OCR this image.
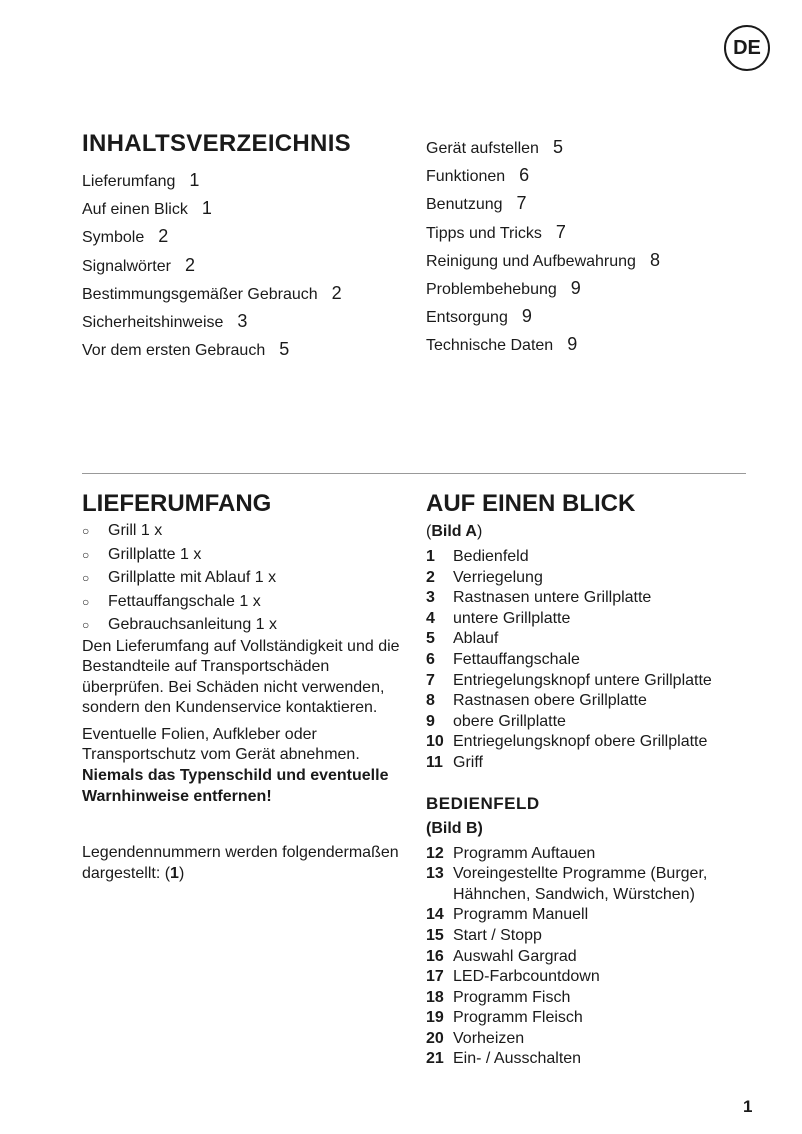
DE
INHALTSVERZEICHNIS
Lieferumfang 1
Auf einen Blick 1
Symbole 2
Signalwörter 2
Bestimmungsgemäßer Gebrauch 2
Sicherheitshinweise 3
Vor dem ersten Gebrauch 5
Gerät aufstellen 5
Funktionen 6
Benutzung 7
Tipps und Tricks 7
Reinigung und Aufbewahrung 8
Problembehebung 9
Entsorgung 9
Technische Daten 9
LIEFERUMFANG
○ Grill 1 x
○ Grillplatte 1 x
○ Grillplatte mit Ablauf 1 x
○ Fettauffangschale 1 x
○ Gebrauchsanleitung 1 x

Den Lieferumfang auf Vollständigkeit und die Bestandteile auf Transportschäden überprüfen. Bei Schäden nicht verwenden, sondern den Kundenservice kontaktieren.

Eventuelle Folien, Aufkleber oder Transportschutz vom Gerät abnehmen.

Niemals das Typenschild und eventuelle Warnhinweise entfernen!

Legendennummern werden folgendermaßen dargestellt: (1)

AUF EINEN BLICK
(Bild A)
1	Bedienfeld
2	Verriegelung
3	Rastnasen untere Grillplatte
4	untere Grillplatte
5	Ablauf
6	Fettauffangschale
7	Entriegelungsknopf untere Grillplatte
8	Rastnasen obere Grillplatte
9	obere Grillplatte
10 Entriegelungsknopf obere Grillplatte
11 Griff
BEDIENFELD
(Bild B)
12 Programm Auftauen
13 Voreingestellte Programme (Burger, Hähnchen, Sandwich, Würstchen)
14 Programm Manuell
15 Start / Stopp
16 Auswahl Gargrad
17 LED-Farbcountdown
18 Programm Fisch
19 Programm Fleisch
20 Vorheizen
21 Ein- / Ausschalten
1
